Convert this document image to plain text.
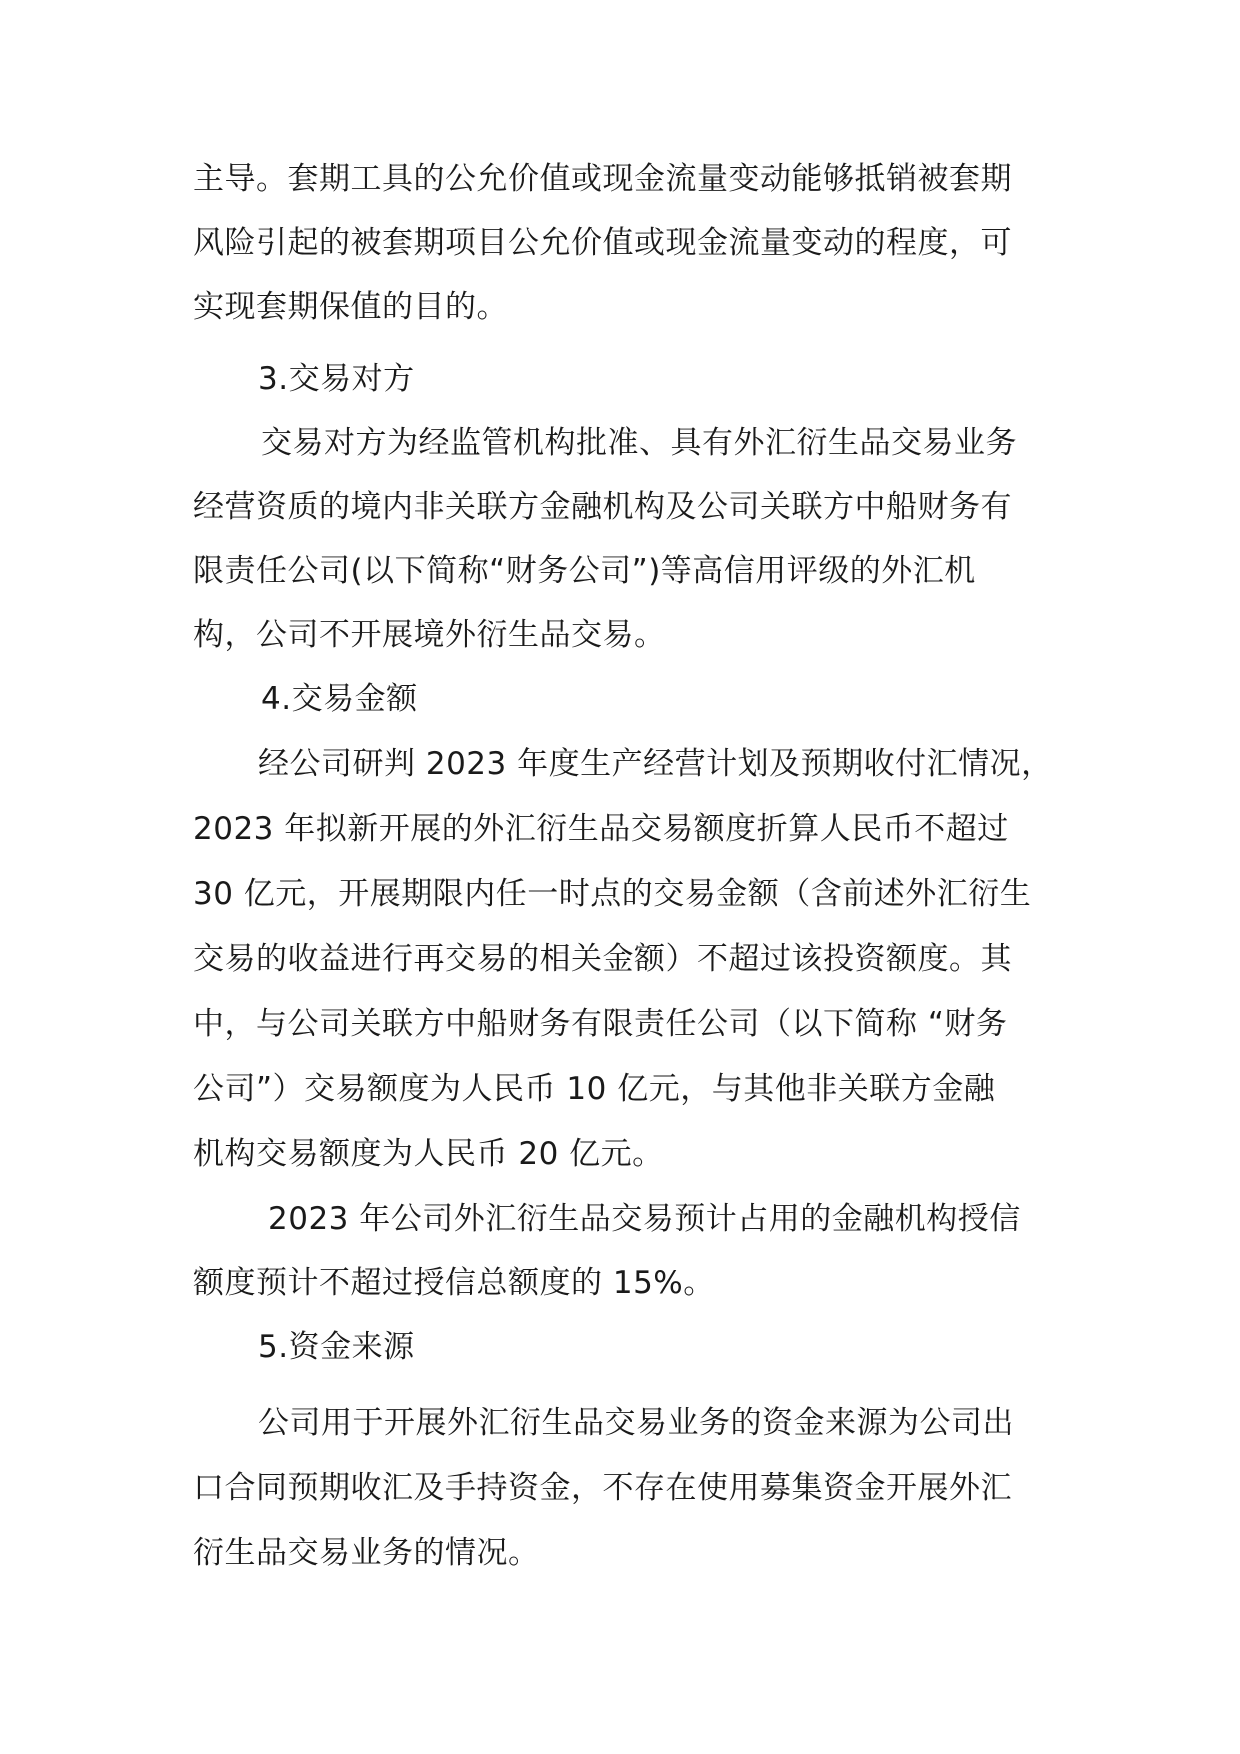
主导。套期工具的公允价值或现金流量变动能够抵销被套期

风险引起的被套期项目公允价值或现金流量变动的程度，可

实现套期保值的目的。

3.交易对方

交易对方为经监管机构批准、具有外汇衍生品交易业务

经营资质的境内非关联方金融机构及公司关联方中船财务有

限责任公司(以下简称“财务公司”)等高信用评级的外汇机

构，公司不开展境外衍生品交易。

4.交易金额

经公司研判 2023 年度生产经营计划及预期收付汇情况，

2023 年拟新开展的外汇衍生品交易额度折算人民币不超过

30 亿元，开展期限内任一时点的交易金额（含前述外汇衍生

交易的收益进行再交易的相关金额）不超过该投资额度。其

中，与公司关联方中船财务有限责任公司（以下简称 “财务

公司”）交易额度为人民币 10 亿元，与其他非关联方金融

机构交易额度为人民币 20 亿元。

2023 年公司外汇衍生品交易预计占用的金融机构授信

额度预计不超过授信总额度的 15%。

5.资金来源

公司用于开展外汇衍生品交易业务的资金来源为公司出

口合同预期收汇及手持资金，不存在使用募集资金开展外汇

衍生品交易业务的情况。
